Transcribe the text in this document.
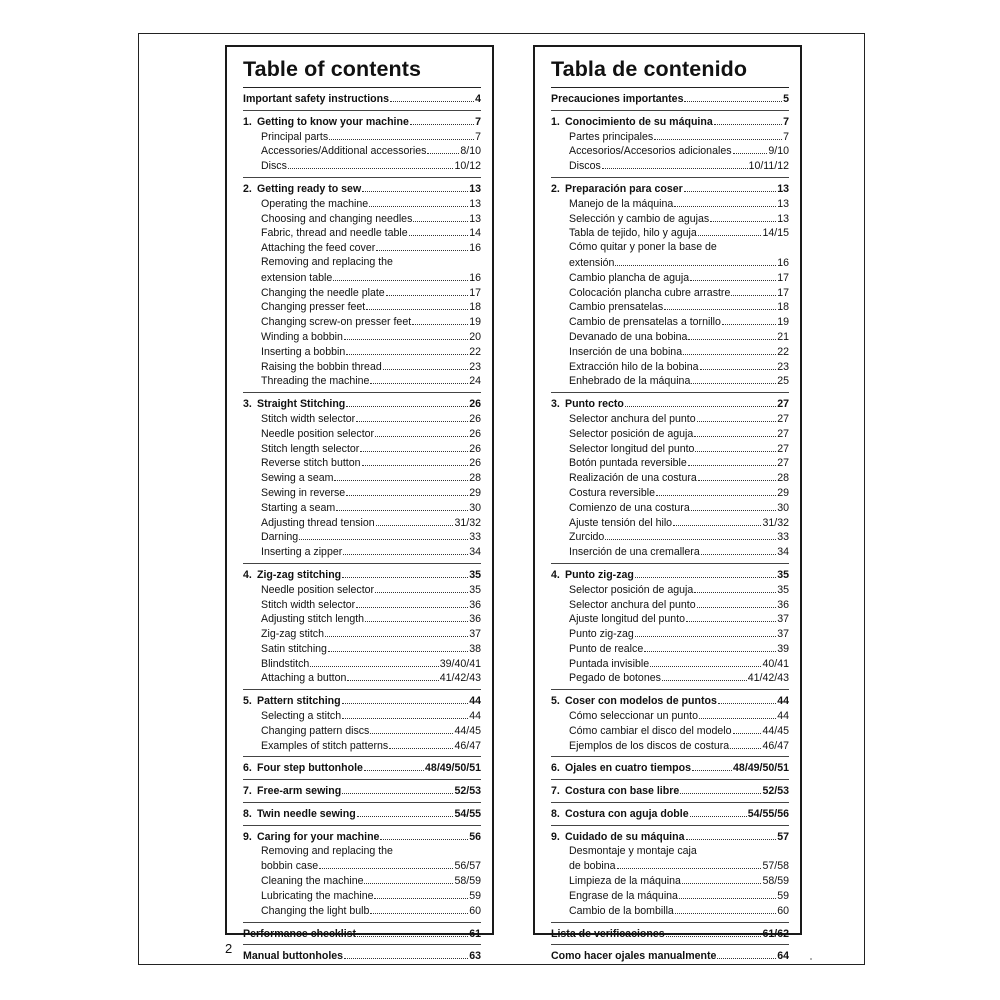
Table of contents
Important safety instructions	4
1. Getting to know your machine	7
Principal parts	7
Accessories/Additional accessories	8/10
Discs	10/12
2. Getting ready to sew	13
Operating the machine	13
Choosing and changing needles	13
Fabric, thread and needle table	14
Attaching the feed cover	16
Removing and replacing the
extension table	16
Changing the needle plate	17
Changing presser feet	18
Changing screw-on presser feet	19
Winding a bobbin	20
Inserting a bobbin	22
Raising the bobbin thread	23
Threading the machine	24
3. Straight Stitching	26
Stitch width selector	26
Needle position selector	26
Stitch length selector	26
Reverse stitch button	26
Sewing a seam	28
Sewing in reverse	29
Starting a seam	30
Adjusting thread tension	31/32
Darning	33
Inserting a zipper	34
4. Zig-zag stitching	35
Needle position selector	35
Stitch width selector	36
Adjusting stitch length	36
Zig-zag stitch	37
Satin stitching	38
Blindstitch	39/40/41
Attaching a button	41/42/43
5. Pattern stitching	44
Selecting a stitch	44
Changing pattern discs	44/45
Examples of stitch patterns	46/47
6. Four step buttonhole	48/49/50/51
7. Free-arm sewing	52/53
8. Twin needle sewing	54/55
9. Caring for your machine	56
Removing and replacing the
bobbin case	56/57
Cleaning the machine	58/59
Lubricating the machine	59
Changing the light bulb	60
Performance checklist	61
Manual buttonholes	63
Tabla de contenido
Precauciones importantes	5
1. Conocimiento de su máquina	7
Partes principales	7
Accesorios/Accesorios adicionales	9/10
Discos	10/11/12
2. Preparación para coser	13
Manejo de la máquina	13
Selección y cambio de agujas	13
Tabla de tejido, hilo y aguja	14/15
Cómo quitar y poner la base de
extensión	16
Cambio plancha de aguja	17
Colocación plancha cubre arrastre	17
Cambio prensatelas	18
Cambio de prensatelas a tornillo	19
Devanado de una bobina	21
Inserción de una bobina	22
Extracción hilo de la bobina	23
Enhebrado de la máquina	25
3. Punto recto	27
Selector anchura del punto	27
Selector posición de aguja	27
Selector longitud del punto	27
Botón puntada reversible	27
Realización de una costura	28
Costura reversible	29
Comienzo de una costura	30
Ajuste tensión del hilo	31/32
Zurcido	33
Inserción de una cremallera	34
4. Punto zig-zag	35
Selector posición de aguja	35
Selector anchura del punto	36
Ajuste longitud del punto	37
Punto zig-zag	37
Punto de realce	39
Puntada invisible	40/41
Pegado de botones	41/42/43
5. Coser con modelos de puntos	44
Cómo seleccionar un punto	44
Cómo cambiar el disco del modelo	44/45
Ejemplos de los discos de costura	46/47
6. Ojales en cuatro tiempos	48/49/50/51
7. Costura con base libre	52/53
8. Costura con aguja doble	54/55/56
9. Cuidado de su máquina	57
Desmontaje y montaje caja
de bobina	57/58
Limpieza de la máquina	58/59
Engrase de la máquina	59
Cambio de la bombilla	60
Lista de verificaciones	61/62
Como hacer ojales manualmente	64
2
